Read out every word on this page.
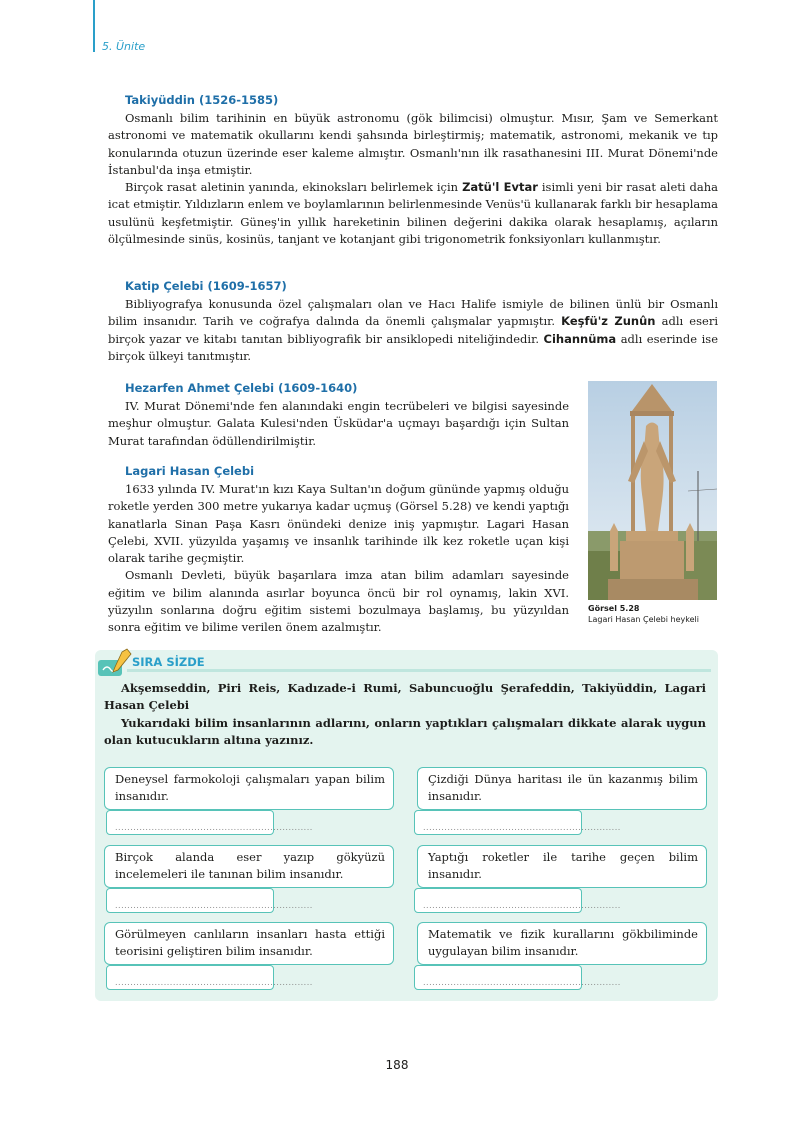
5. Ünite
Takiyüddin (1526-1585)

Osmanlı bilim tarihinin en büyük astronomu (gök bilimcisi) olmuştur. Mısır, Şam ve Semerkant astronomi ve matematik okullarını kendi şahsında birleştirmiş; matematik, astronomi, mekanik ve tıp konularında otuzun üzerinde eser kaleme almıştır. Osmanlı'nın ilk rasathanesini III. Murat Dönemi'nde İstanbul'da inşa etmiştir.

Birçok rasat aletinin yanında, ekinoksları belirlemek için Zatü'l Evtar isimli yeni bir rasat aleti daha icat etmiştir. Yıldızların enlem ve boylamlarının belirlenmesinde Venüs'ü kullanarak farklı bir hesaplama usulünü keşfetmiştir. Güneş'in yıllık hareketinin bilinen değerini dakika olarak hesaplamış, açıların ölçülmesinde sinüs, kosinüs, tanjant ve kotanjant gibi trigonometrik fonksiyonları kullanmıştır.

Katip Çelebi (1609-1657)

Bibliyografya konusunda özel çalışmaları olan ve Hacı Halife ismiyle de bilinen ünlü bir Osmanlı bilim insanıdır. Tarih ve coğrafya dalında da önemli çalışmalar yapmıştır. Keşfü'z Zunûn adlı eseri birçok yazar ve kitabı tanıtan bibliyografik bir ansiklopedi niteliğindedir. Cihannüma adlı eserinde ise birçok ülkeyi tanıtmıştır.

Hezarfen Ahmet Çelebi (1609-1640)

IV. Murat Dönemi'nde fen alanındaki engin tecrübeleri ve bilgisi sayesinde meşhur olmuştur. Galata Kulesi'nden Üsküdar'a uçmayı başardığı için Sultan Murat tarafından ödüllendirilmiştir.

Lagari Hasan Çelebi

1633 yılında IV. Murat'ın kızı Kaya Sultan'ın doğum gününde yapmış olduğu roketle yerden 300 metre yukarıya kadar uçmuş (Görsel 5.28) ve kendi yaptığı kanatlarla Sinan Paşa Kasrı önündeki denize iniş yapmıştır. Lagari Hasan Çelebi, XVII. yüzyılda yaşamış ve insanlık tarihinde ilk kez roketle uçan kişi olarak tarihe geçmiştir.

Osmanlı Devleti, büyük başarılara imza atan bilim adamları sayesinde eğitim ve bilim alanında asırlar boyunca öncü bir rol oynamış, lakin XVI. yüzyılın sonlarına doğru eğitim sistemi bozulmaya başlamış, bu yüzyıldan sonra eğitim ve bilime verilen önem azalmıştır.

Görsel 5.28
Lagari Hasan Çelebi heykeli
SIRA SİZDE

Akşemseddin, Piri Reis, Kadızade-i Rumi, Sabuncuoğlu Şerafeddin, Takiyüddin, Lagari Hasan Çelebi

Yukarıdaki bilim insanlarının adlarını, onların yaptıkları çalışmaları dikkate alarak uygun olan kutucukların altına yazınız.

Deneysel farmokoloji çalışmaları yapan bilim insanıdır.
.................................................................
Çizdiği Dünya haritası ile ün kazanmış bilim insanıdır.
.................................................................
Birçok alanda eser yazıp gökyüzü incelemeleri ile tanınan bilim insanıdır.
.................................................................
Yaptığı roketler ile tarihe geçen bilim insanıdır.
.................................................................
Görülmeyen canlıların insanları hasta ettiği teorisini geliştiren bilim insanıdır.
.................................................................
Matematik ve fizik kurallarını gökbiliminde uygulayan bilim insanıdır.
.................................................................
188
